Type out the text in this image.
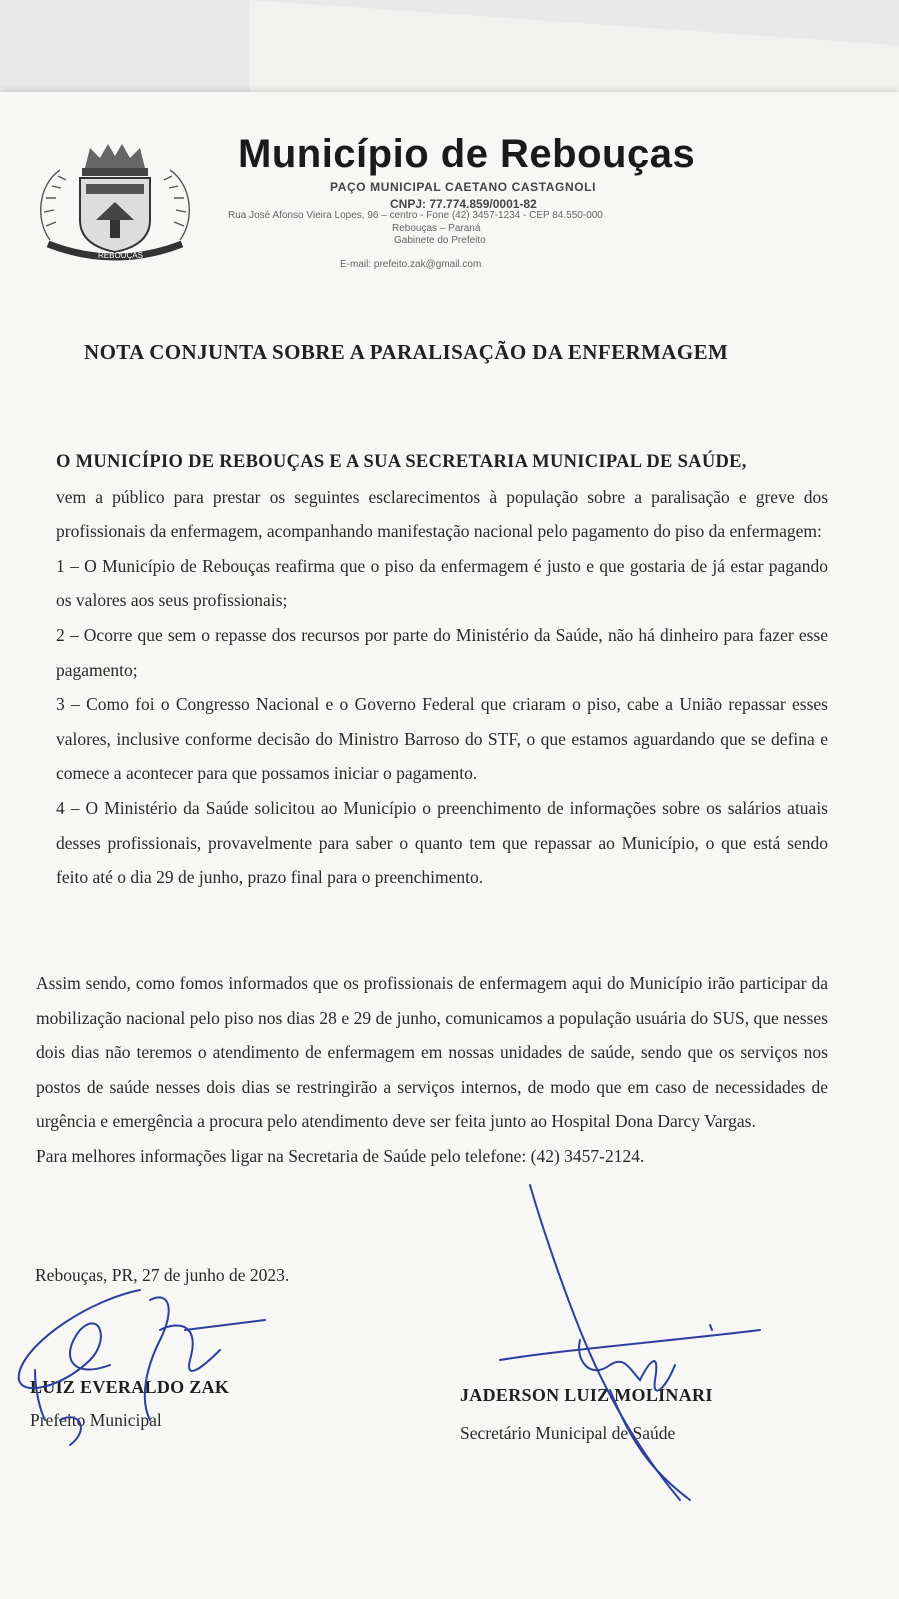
REBOUÇAS
Município de Rebouças
PAÇO MUNICIPAL CAETANO CASTAGNOLI
CNPJ: 77.774.859/0001-82
Rua José Afonso Vieira Lopes, 96 – centro - Fone (42) 3457-1234 - CEP 84.550-000
Rebouças – Paraná
Gabinete do Prefeito
E-mail: prefeito.zak@gmail.com
NOTA CONJUNTA SOBRE A PARALISAÇÃO DA ENFERMAGEM

O MUNICÍPIO DE REBOUÇAS E A SUA SECRETARIA MUNICIPAL DE SAÚDE,

vem a público para prestar os seguintes esclarecimentos à população sobre a paralisação e greve dos profissionais da enfermagem, acompanhando manifestação nacional pelo pagamento do piso da enfermagem:

1 – O Município de Rebouças reafirma que o piso da enfermagem é justo e que gostaria de já estar pagando os valores aos seus profissionais;

2 – Ocorre que sem o repasse dos recursos por parte do Ministério da Saúde, não há dinheiro para fazer esse pagamento;

3 – Como foi o Congresso Nacional e o Governo Federal que criaram o piso, cabe a União repassar esses valores, inclusive conforme decisão do Ministro Barroso do STF, o que estamos aguardando que se defina e comece a acontecer para que possamos iniciar o pagamento.

4 – O Ministério da Saúde solicitou ao Município o preenchimento de informações sobre os salários atuais desses profissionais, provavelmente para saber o quanto tem que repassar ao Município, o que está sendo feito até o dia 29 de junho, prazo final para o preenchimento.

Assim sendo, como fomos informados que os profissionais de enfermagem aqui do Município irão participar da mobilização nacional pelo piso nos dias 28 e 29 de junho, comunicamos a população usuária do SUS, que nesses dois dias não teremos o atendimento de enfermagem em nossas unidades de saúde, sendo que os serviços nos postos de saúde nesses dois dias se restringirão a serviços internos, de modo que em caso de necessidades de urgência e emergência a procura pelo atendimento deve ser feita junto ao Hospital Dona Darcy Vargas.

Para melhores informações ligar na Secretaria de Saúde pelo telefone: (42) 3457-2124.

Rebouças, PR, 27 de junho de 2023.
LUIZ EVERALDO ZAK
Prefeito Municipal
JADERSON LUIZ MOLINARI
Secretário Municipal de Saúde
